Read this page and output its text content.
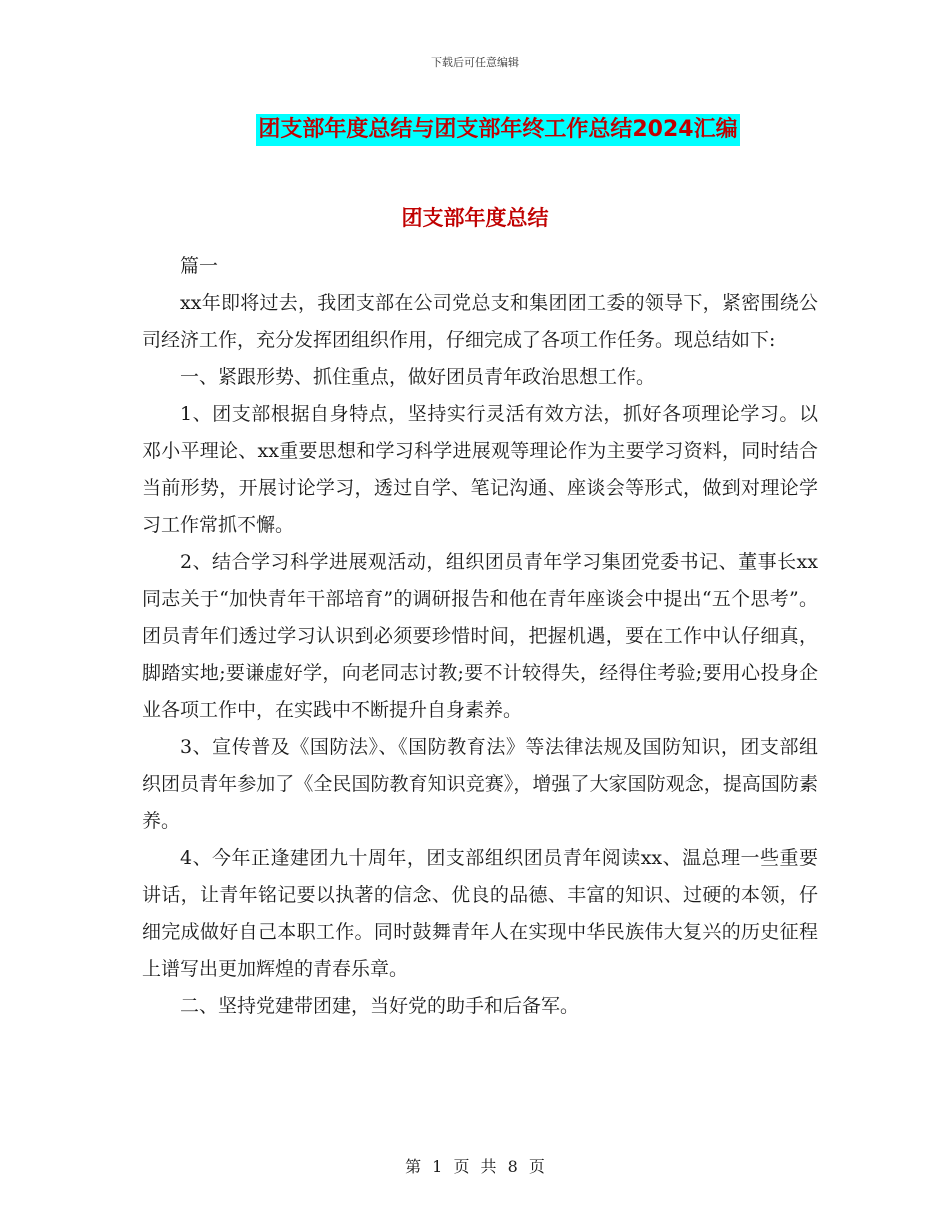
下载后可任意编辑
团支部年度总结与团支部年终工作总结2024汇编
团支部年度总结

篇一

xx年即将过去，我团支部在公司党总支和集团团工委的领导下，紧密围绕公司经济工作，充分发挥团组织作用，仔细完成了各项工作任务。现总结如下:

一、紧跟形势、抓住重点，做好团员青年政治思想工作。

1、团支部根据自身特点，坚持实行灵活有效方法，抓好各项理论学习。以邓小平理论、xx重要思想和学习科学进展观等理论作为主要学习资料，同时结合当前形势，开展讨论学习，透过自学、笔记沟通、座谈会等形式，做到对理论学习工作常抓不懈。

2、结合学习科学进展观活动，组织团员青年学习集团党委书记、董事长xx同志关于“加快青年干部培育”的调研报告和他在青年座谈会中提出“五个思考”。团员青年们透过学习认识到必须要珍惜时间，把握机遇，要在工作中认仔细真，脚踏实地;要谦虚好学，向老同志讨教;要不计较得失，经得住考验;要用心投身企业各项工作中，在实践中不断提升自身素养。

3、宣传普及《国防法》、《国防教育法》等法律法规及国防知识，团支部组织团员青年参加了《全民国防教育知识竞赛》，增强了大家国防观念，提高国防素养。

4、今年正逢建团九十周年，团支部组织团员青年阅读xx、温总理一些重要讲话，让青年铭记要以执著的信念、优良的品德、丰富的知识、过硬的本领，仔细完成做好自己本职工作。同时鼓舞青年人在实现中华民族伟大复兴的历史征程上谱写出更加辉煌的青春乐章。

二、坚持党建带团建，当好党的助手和后备军。

第 1 页 共 8 页
